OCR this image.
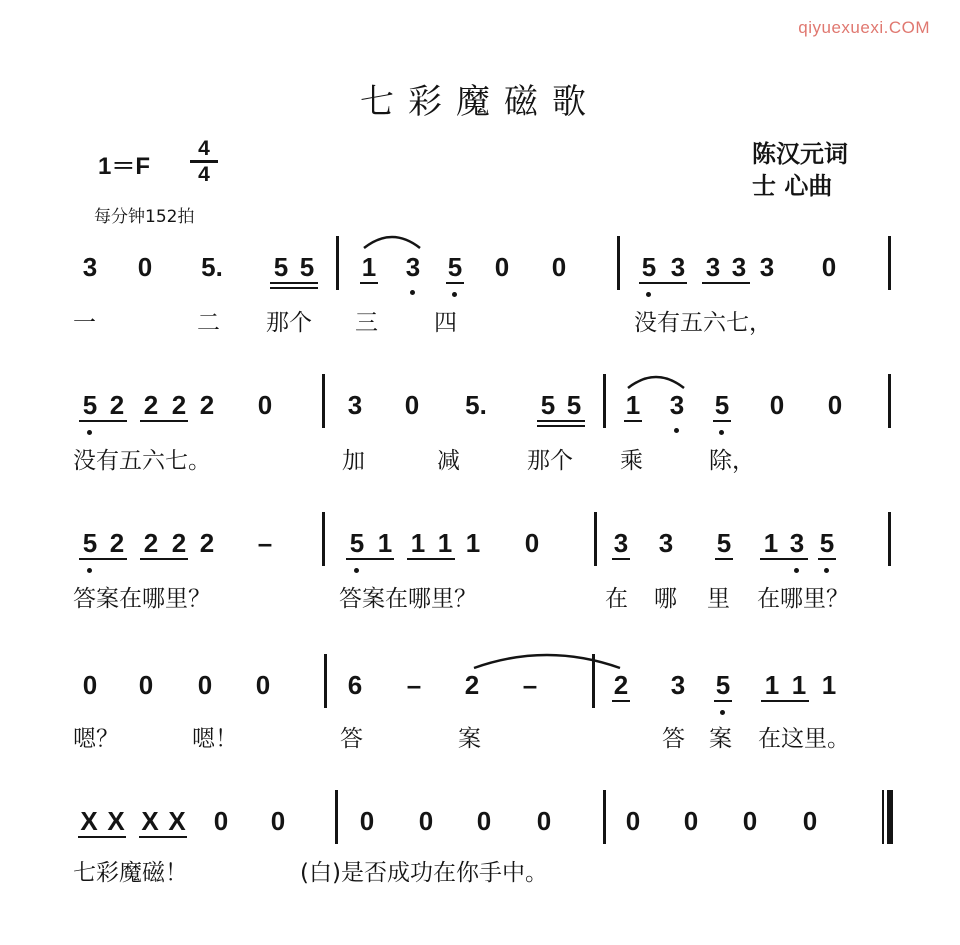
qiyuexuexi.COM
七彩魔磁歌
陈汉元词
士 心曲
1＝F
4
4
每分钟152拍
3 0 5. 5 5 1 3 5 0 0	5 3 3 3 3 0
一	二 那个 三 四	没有五六七，
5 2 2 2 2 0	3 0 5. 5 5 1 3 5 0 0
没有五六七。	加	减	那个 乘	除，
5 2 2 2 2 –	5 1 1 1 1 0	3 3 5 1 3 5
答案在哪里？	答案在哪里？	在 哪 里 在哪里？
0 0 0 0	6 – 2 –	2 3 5 1 1 1
嗯？	嗯！	答	案	答 案 在这里。
X X X X 0 0	0 0 0 0	0 0 0 0
七彩魔磁！	(白)是否成功在你手中。
